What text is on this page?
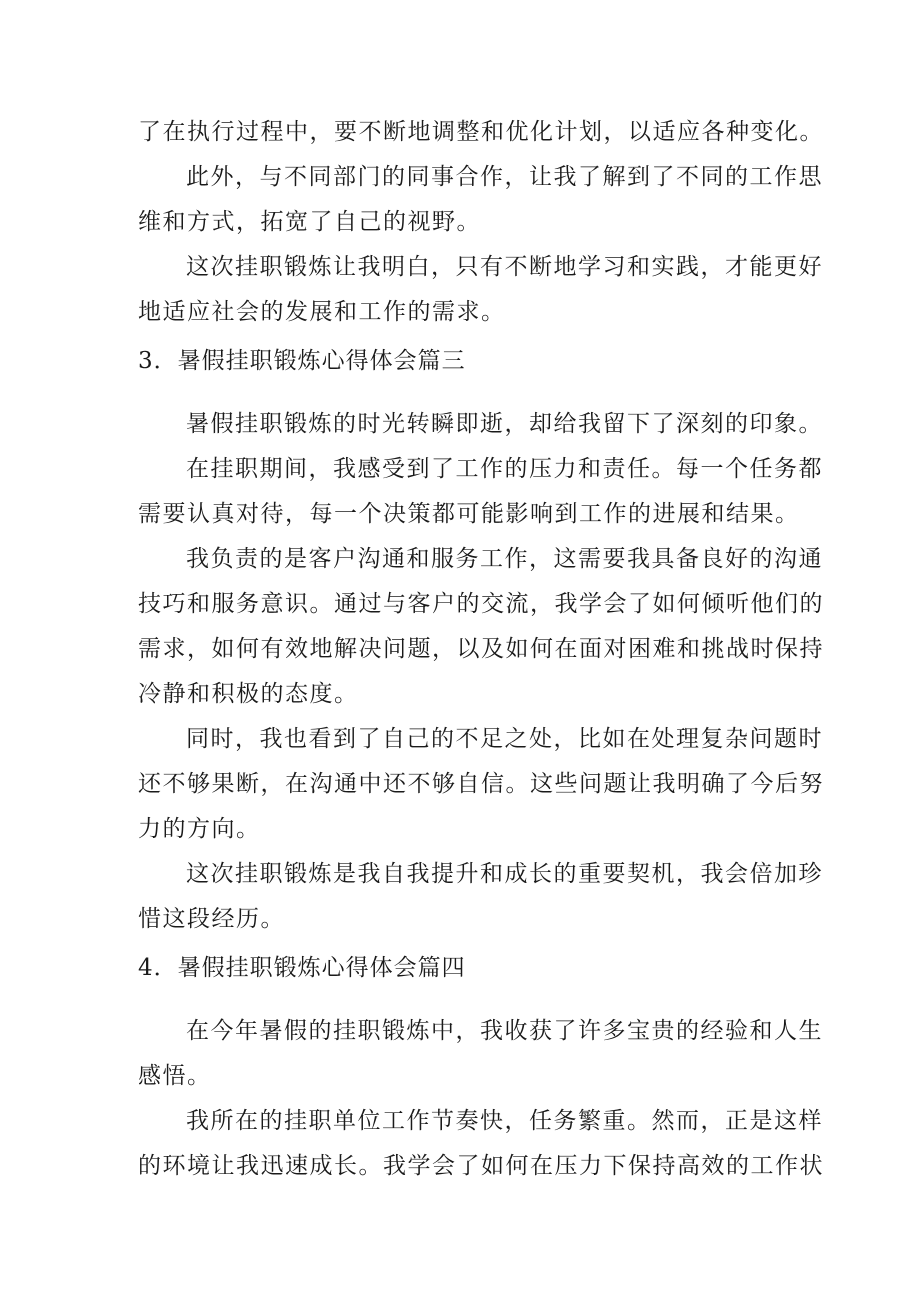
了在执行过程中，要不断地调整和优化计划，以适应各种变化。
此外，与不同部门的同事合作，让我了解到了不同的工作思
维和方式，拓宽了自己的视野。
这次挂职锻炼让我明白，只有不断地学习和实践，才能更好
地适应社会的发展和工作的需求。
3．暑假挂职锻炼心得体会篇三
暑假挂职锻炼的时光转瞬即逝，却给我留下了深刻的印象。
在挂职期间，我感受到了工作的压力和责任。每一个任务都
需要认真对待，每一个决策都可能影响到工作的进展和结果。
我负责的是客户沟通和服务工作，这需要我具备良好的沟通
技巧和服务意识。通过与客户的交流，我学会了如何倾听他们的
需求，如何有效地解决问题，以及如何在面对困难和挑战时保持
冷静和积极的态度。
同时，我也看到了自己的不足之处，比如在处理复杂问题时
还不够果断，在沟通中还不够自信。这些问题让我明确了今后努
力的方向。
这次挂职锻炼是我自我提升和成长的重要契机，我会倍加珍
惜这段经历。
4．暑假挂职锻炼心得体会篇四
在今年暑假的挂职锻炼中，我收获了许多宝贵的经验和人生
感悟。
我所在的挂职单位工作节奏快，任务繁重。然而，正是这样
的环境让我迅速成长。我学会了如何在压力下保持高效的工作状
